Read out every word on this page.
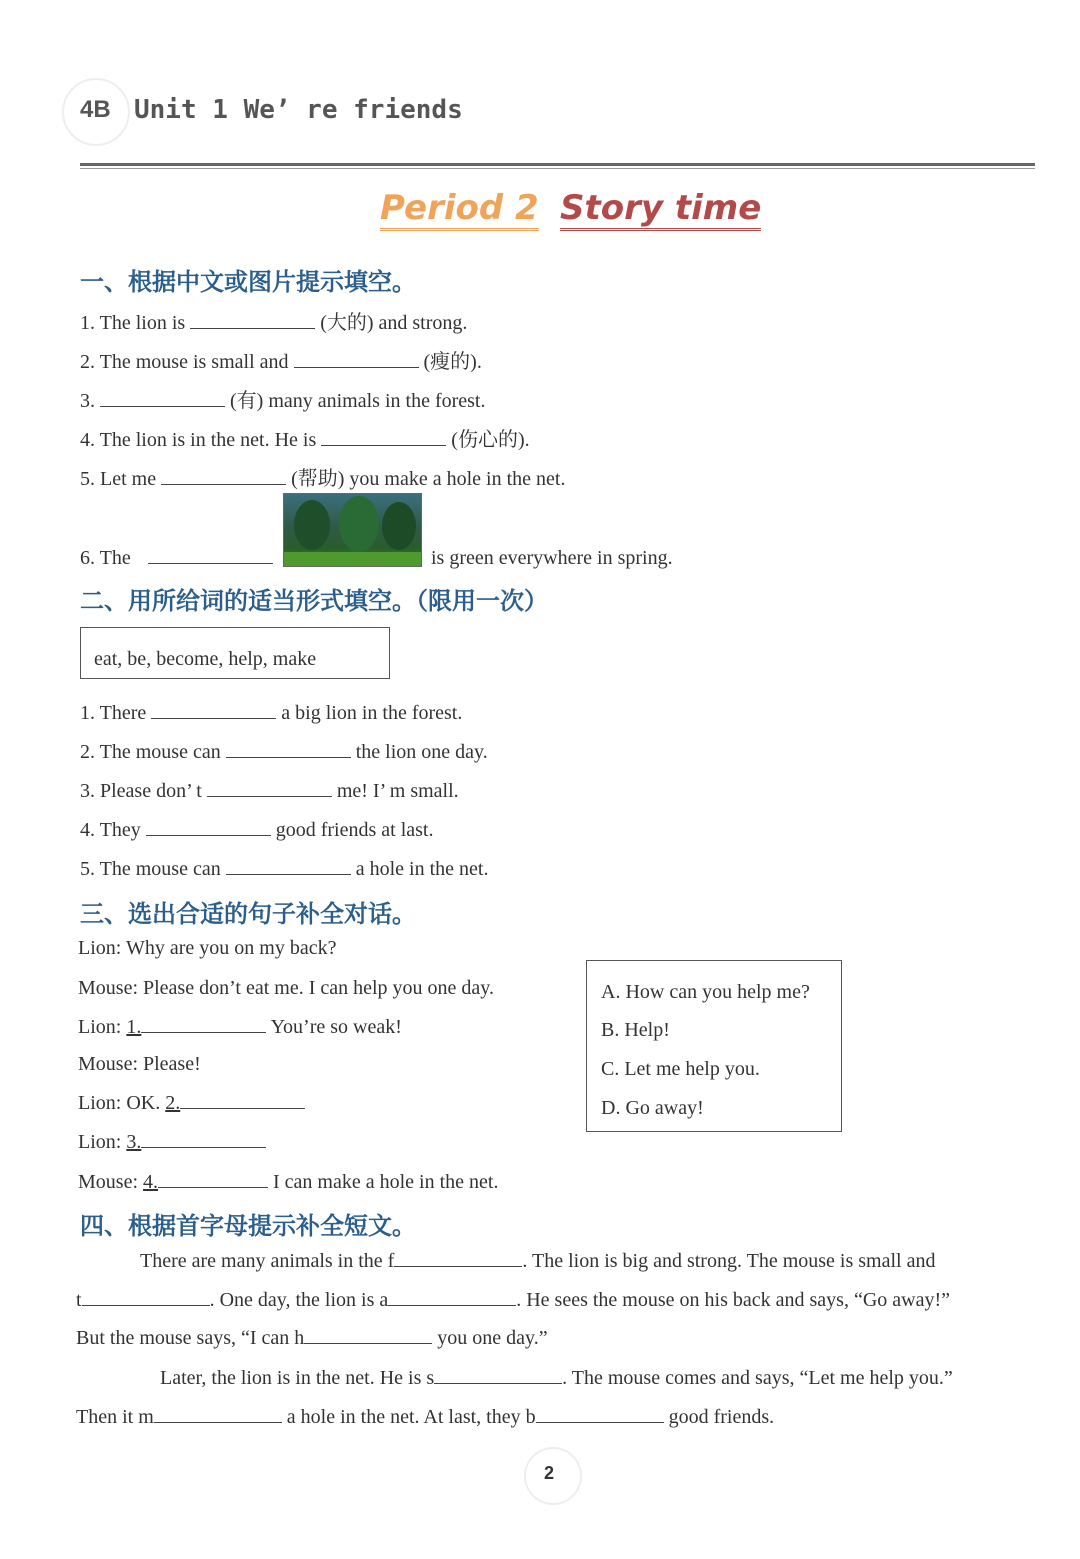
4B Unit 1 We’ re friends
Period 2 Story time
一、根据中文或图片提示填空。
1. The lion is	(大的) and strong.
2. The mouse is small and	(瘦的).
3.	(有) many animals in the forest.
4. The lion is in the net. He is	(伤心的).
5. Let me	(帮助) you make a hole in the net.
6. The	is green everywhere in spring.
二、用所给词的适当形式填空。（限用一次）
eat, be, become, help, make
1. There	a big lion in the forest.
2. The mouse can	the lion one day.
3. Please don’ t	me! I’ m small.
4. They	good friends at last.
5. The mouse can	a hole in the net.
三、选出合适的句子补全对话。
Lion: Why are you on my back?
Mouse: Please don’t eat me. I can help you one day.
Lion: 1.	You’re so weak!
Mouse: Please!
Lion: OK. 2.
Lion: 3.
Mouse: 4.	I can make a hole in the net.
A. How can you help me?
B. Help!
C. Let me help you.
D. Go away!
四、根据首字母提示补全短文。
There are many animals in the f	. The lion is big and strong. The mouse is small and
t	. One day, the lion is a	. He sees the mouse on his back and says, “Go away!”
But the mouse says, “I can h	you one day.”
Later, the lion is in the net. He is s	. The mouse comes and says, “Let me help you.”
Then it m	a hole in the net. At last, they b	good friends.
2
